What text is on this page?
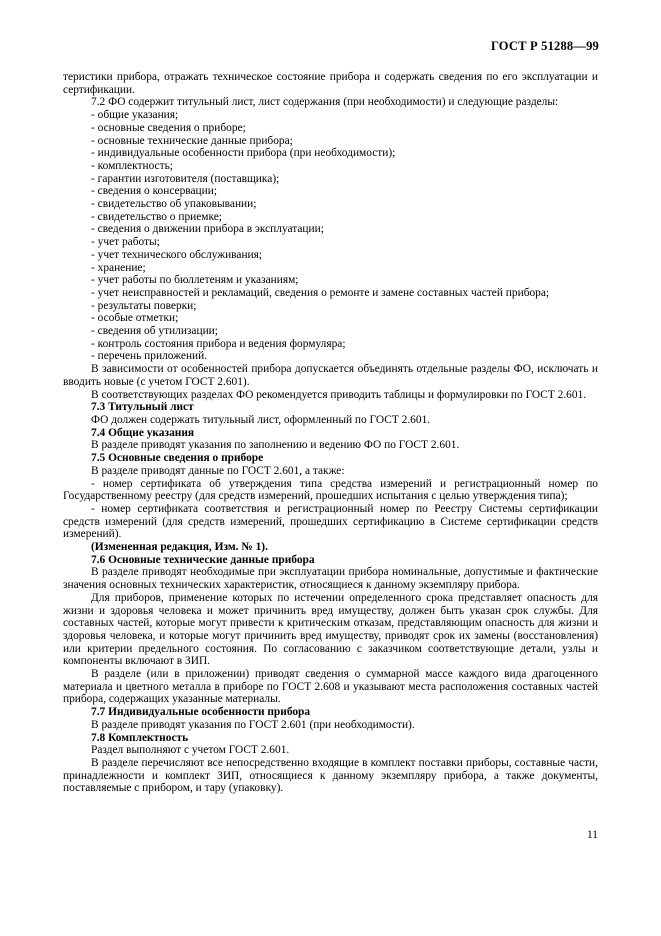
ГОСТ Р 51288—99

теристики прибора, отражать техническое состояние прибора и содержать сведения по его эксплуатации и сертификации.

7.2 ФО содержит титульный лист, лист содержания (при необходимости) и следующие разделы:

- общие указания;
- основные сведения о приборе;
- основные технические данные прибора;
- индивидуальные особенности прибора (при необходимости);
- комплектность;
- гарантии изготовителя (поставщика);
- сведения о консервации;
- свидетельство об упаковывании;
- свидетельство о приемке;
- сведения о движении прибора в эксплуатации;
- учет работы;
- учет технического обслуживания;
- хранение;
- учет работы по бюллетеням и указаниям;
- учет неисправностей и рекламаций, сведения о ремонте и замене составных частей прибора;
- результаты поверки;
- особые отметки;
- сведения об утилизации;
- контроль состояния прибора и ведения формуляра;
- перечень приложений.

В зависимости от особенностей прибора допускается объединять отдельные разделы ФО, исключать и вводить новые (с учетом ГОСТ 2.601).

В соответствующих разделах ФО рекомендуется приводить таблицы и формулировки по ГОСТ 2.601.

7.3 Титульный лист

ФО должен содержать титульный лист, оформленный по ГОСТ 2.601.

7.4 Общие указания

В разделе приводят указания по заполнению и ведению ФО по ГОСТ 2.601.

7.5 Основные сведения о приборе

В разделе приводят данные по ГОСТ 2.601, а также:

- номер сертификата об утверждения типа средства измерений и регистрационный номер по Государственному реестру (для средств измерений, прошедших испытания с целью утверждения типа);

- номер сертификата соответствия и регистрационный номер по Реестру Системы сертификации средств измерений (для средств измерений, прошедших сертификацию в Системе сертификации средств измерений).

(Измененная редакция, Изм. № 1).

7.6 Основные технические данные прибора

В разделе приводят необходимые при эксплуатации прибора номинальные, допустимые и фактические значения основных технических характеристик, относящиеся к данному экземпляру прибора.

Для приборов, применение которых по истечении определенного срока представляет опасность для жизни и здоровья человека и может причинить вред имуществу, должен быть указан срок службы. Для составных частей, которые могут привести к критическим отказам, представляющим опасность для жизни и здоровья человека, и которые могут причинить вред имуществу, приводят срок их замены (восстановления) или критерии предельного состояния. По согласованию с заказчиком соответствующие детали, узлы и компоненты включают в ЗИП.

В разделе (или в приложении) приводят сведения о суммарной массе каждого вида драгоценного материала и цветного металла в приборе по ГОСТ 2.608 и указывают места расположения составных частей прибора, содержащих указанные материалы.

7.7 Индивидуальные особенности прибора

В разделе приводят указания по ГОСТ 2.601 (при необходимости).

7.8 Комплектность

Раздел выполняют с учетом ГОСТ 2.601.

В разделе перечисляют все непосредственно входящие в комплект поставки приборы, составные части, принадлежности и комплект ЗИП, относящиеся к данному экземпляру прибора, а также документы, поставляемые с прибором, и тару (упаковку).

11
